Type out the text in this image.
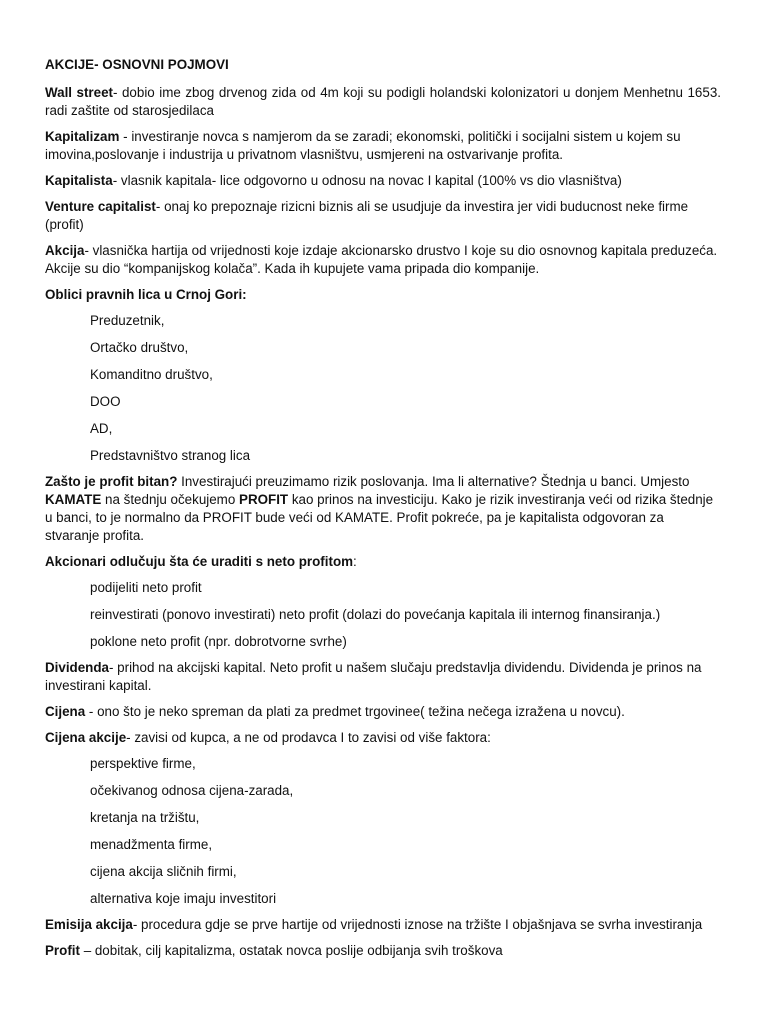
AKCIJE- OSNOVNI POJMOVI

Wall street- dobio ime zbog drvenog zida od 4m koji su podigli holandski kolonizatori u donjem Menhetnu 1653. radi zaštite od starosjedilaca

Kapitalizam - investiranje novca s namjerom da se zaradi; ekonomski, politički i socijalni sistem u kojem su imovina,poslovanje i industrija u privatnom vlasništvu, usmjereni na ostvarivanje profita.

Kapitalista- vlasnik kapitala- lice odgovorno u odnosu na novac I kapital (100% vs dio vlasništva)

Venture capitalist- onaj ko prepoznaje rizicni biznis ali se usudjuje da investira jer vidi buducnost neke firme (profit)

Akcija- vlasnička hartija od vrijednosti koje izdaje akcionarsko drustvo I koje su dio osnovnog kapitala preduzeća. Akcije su dio “kompanijskog kolača”. Kada ih kupujete vama pripada dio kompanije.

Oblici pravnih lica u Crnoj Gori:

Preduzetnik,
Ortačko društvo,
Komanditno društvo,
DOO
AD,
Predstavništvo stranog lica

Zašto je profit bitan? Investirajući preuzimamo rizik poslovanja. Ima li alternative? Štednja u banci. Umjesto KAMATE na štednju očekujemo PROFIT kao prinos na investiciju. Kako je rizik investiranja veći od rizika štednje u banci, to je normalno da PROFIT bude veći od KAMATE. Profit pokreće, pa je kapitalista odgovoran za stvaranje profita.

Akcionari odlučuju šta će uraditi s neto profitom:

podijeliti neto profit
reinvestirati (ponovo investirati) neto profit (dolazi do povećanja kapitala ili internog finansiranja.)
poklone neto profit (npr. dobrotvorne svrhe)

Dividenda- prihod na akcijski kapital. Neto profit u našem slučaju predstavlja dividendu. Dividenda je prinos na investirani kapital.

Cijena - ono što je neko spreman da plati za predmet trgovinee( težina nečega izražena u novcu).

Cijena akcije- zavisi od kupca, a ne od prodavca I to zavisi od više faktora:

perspektive firme,
očekivanog odnosa cijena-zarada,
kretanja na tržištu,
menadžmenta firme,
cijena akcija sličnih firmi,
alternativa koje imaju investitori

Emisija akcija- procedura gdje se prve hartije od vrijednosti iznose na tržište I objašnjava se svrha investiranja

Profit – dobitak, cilj kapitalizma, ostatak novca poslije odbijanja svih troškova
